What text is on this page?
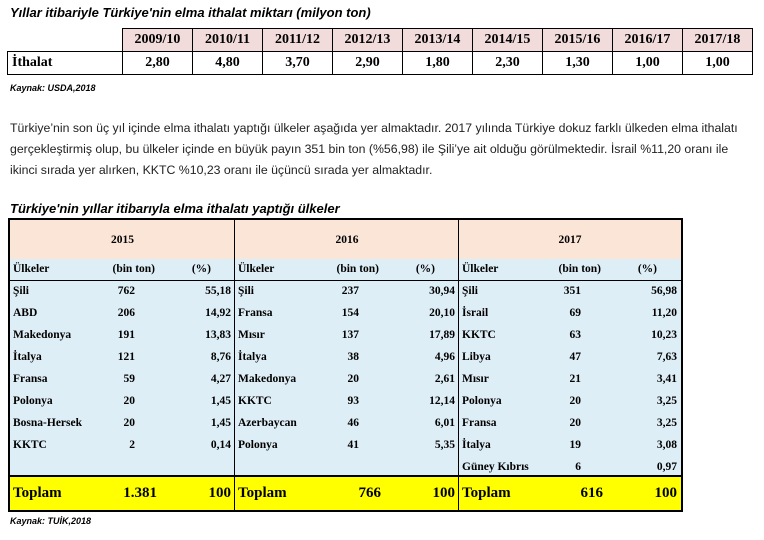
Yıllar itibariyle Türkiye'nin elma ithalat miktarı (milyon ton)
	2009/10	2010/11	2011/12	2012/13	2013/14	2014/15	2015/16	2016/17	2017/18
İthalat	2,80	4,80	3,70	2,90	1,80	2,30	1,30	1,00	1,00
Kaynak: USDA,2018
Türkiye’nin son üç yıl içinde elma ithalatı yaptığı ülkeler aşağıda yer almaktadır. 2017 yılında Türkiye dokuz farklı ülkeden elma ithalatı gerçekleştirmiş olup, bu ülkeler içinde en büyük payın 351 bin ton (%56,98) ile Şili’ye ait olduğu görülmektedir. İsrail %11,20 oranı ile ikinci sırada yer alırken, KKTC %10,23 oranı ile üçüncü sırada yer almaktadır.
Türkiye'nin yıllar itibarıyla elma ithalatı yaptığı ülkeler
2015
Ülkeler	(bin ton)	(%)
Şili	762	55,18
ABD	206	14,92
Makedonya	191	13,83
İtalya	121	8,76
Fransa	59	4,27
Polonya	20	1,45
Bosna-Hersek	20	1,45
KKTC	2	0,14
Toplam	1.381	100
2016
Ülkeler	(bin ton)	(%)
Şili	237	30,94
Fransa	154	20,10
Mısır	137	17,89
İtalya	38	4,96
Makedonya	20	2,61
KKTC	93	12,14
Azerbaycan	46	6,01
Polonya	41	5,35
Toplam	766	100
2017
Ülkeler	(bin ton)	(%)
Şili	351	56,98
İsrail	69	11,20
KKTC	63	10,23
Libya	47	7,63
Mısır	21	3,41
Polonya	20	3,25
Fransa	20	3,25
İtalya	19	3,08
Güney Kıbrıs	6	0,97
Toplam	616	100
Kaynak: TUİK,2018
